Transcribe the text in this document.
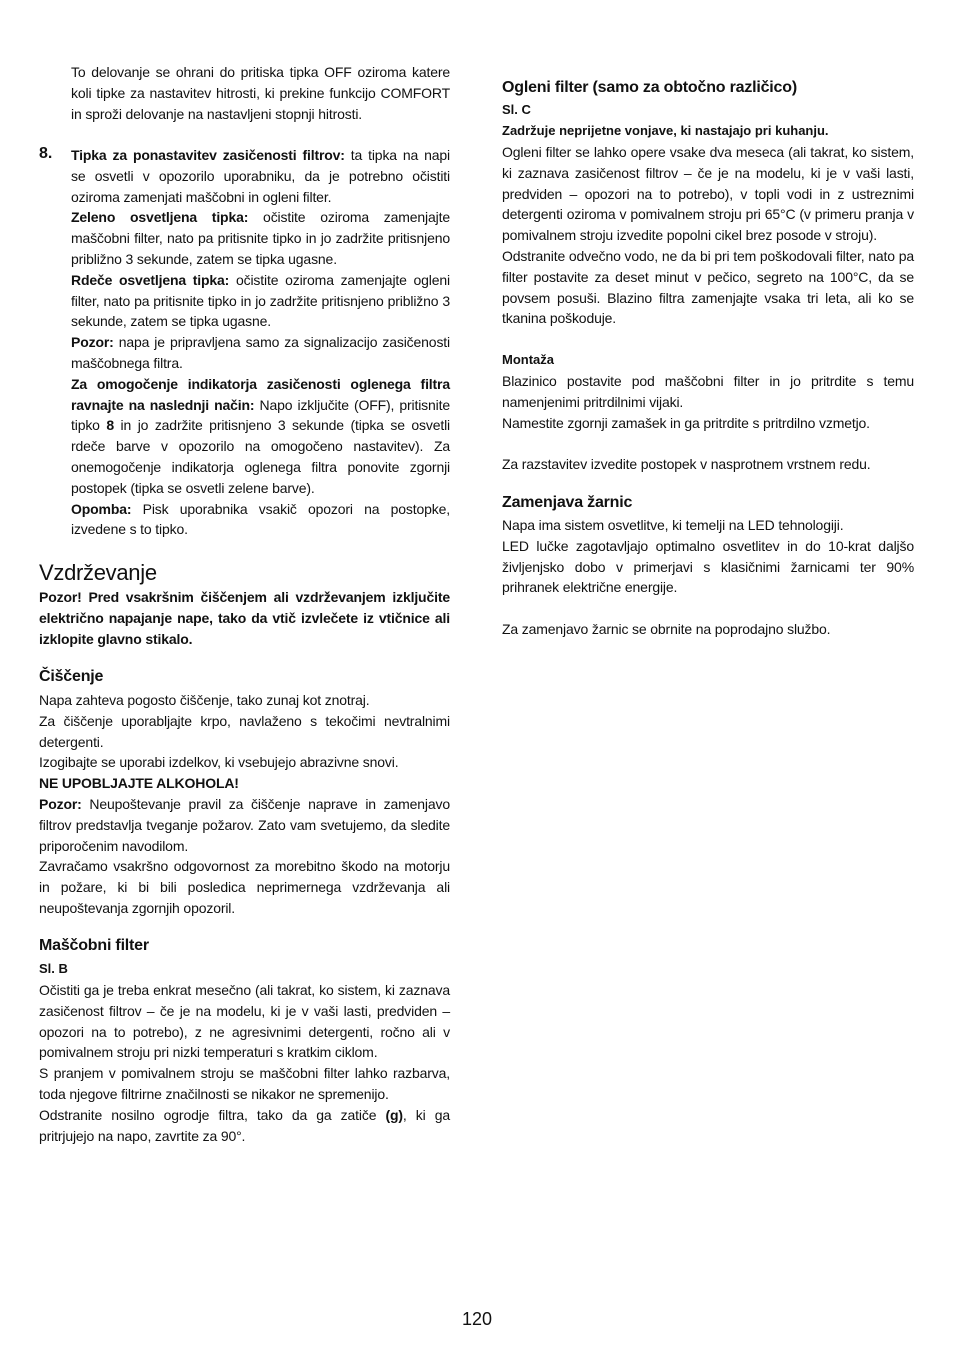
To delovanje se ohrani do pritiska tipka OFF oziroma katere koli tipke za nastavitev hitrosti, ki prekine funkcijo COMFORT in sproži delovanje na nastavljeni stopnji hitrosti.

8. Tipka za ponastavitev zasičenosti filtrov: ta tipka na napi se osvetli v opozorilo uporabniku, da je potrebno očistiti oziroma zamenjati maščobni in ogleni filter.

Zeleno osvetljena tipka: očistite oziroma zamenjajte maščobni filter, nato pa pritisnite tipko in jo zadržite pritisnjeno približno 3 sekunde, zatem se tipka ugasne.

Rdeče osvetljena tipka: očistite oziroma zamenjajte ogleni filter, nato pa pritisnite tipko in jo zadržite pritisnjeno približno 3 sekunde, zatem se tipka ugasne.

Pozor: napa je pripravljena samo za signalizacijo zasičenosti maščobnega filtra.

Za omogočenje indikatorja zasičenosti oglenega filtra ravnajte na naslednji način: Napo izključite (OFF), pritisnite tipko 8 in jo zadržite pritisnjeno 3 sekunde (tipka se osvetli rdeče barve v opozorilo na omogočeno nastavitev). Za onemogočenje indikatorja oglenega filtra ponovite zgornji postopek (tipka se osvetli zelene barve).

Opomba: Pisk uporabnika vsakič opozori na postopke, izvedene s to tipko.

Vzdrževanje

Pozor! Pred vsakršnim čiščenjem ali vzdrževanjem izključite električno napajanje nape, tako da vtič izvlečete iz vtičnice ali izklopite glavno stikalo.

Čiščenje

Napa zahteva pogosto čiščenje, tako zunaj kot znotraj.

Za čiščenje uporabljajte krpo, navlaženo s tekočimi nevtralnimi detergenti.

Izogibajte se uporabi izdelkov, ki vsebujejo abrazivne snovi.

NE UPOBLJAJTE ALKOHOLA!

Pozor: Neupoštevanje pravil za čiščenje naprave in zamenjavo filtrov predstavlja tveganje požarov. Zato vam svetujemo, da sledite priporočenim navodilom.

Zavračamo vsakršno odgovornost za morebitno škodo na motorju in požare, ki bi bili posledica neprimernega vzdrževanja ali neupoštevanja zgornjih opozoril.

Maščobni filter
Sl. B

Očistiti ga je treba enkrat mesečno (ali takrat, ko sistem, ki zaznava zasičenost filtrov – če je na modelu, ki je v vaši lasti, predviden – opozori na to potrebo), z ne agresivnimi detergenti, ročno ali v pomivalnem stroju pri nizki temperaturi s kratkim ciklom.

S pranjem v pomivalnem stroju se maščobni filter lahko razbarva, toda njegove filtrirne značilnosti se nikakor ne spremenijo.

Odstranite nosilno ogrodje filtra, tako da ga zatiče (g), ki ga pritrjujejo na napo, zavrtite za 90°.

Ogleni filter (samo za obtočno različico)
Sl. C
Zadržuje neprijetne vonjave, ki nastajajo pri kuhanju.

Ogleni filter se lahko opere vsake dva meseca (ali takrat, ko sistem, ki zaznava zasičenost filtrov – če je na modelu, ki je v vaši lasti, predviden – opozori na to potrebo), v topli vodi in z ustreznimi detergenti oziroma v pomivalnem stroju pri 65°C (v primeru pranja v pomivalnem stroju izvedite popolni cikel brez posode v stroju).

Odstranite odvečno vodo, ne da bi pri tem poškodovali filter, nato pa filter postavite za deset minut v pečico, segreto na 100°C, da se povsem posuši. Blazino filtra zamenjajte vsaka tri leta, ali ko se tkanina poškoduje.

Montaža

Blazinico postavite pod maščobni filter in jo pritrdite s temu namenjenimi pritrdilnimi vijaki.

Namestite zgornji zamašek in ga pritrdite s pritrdilno vzmetjo.

Za razstavitev izvedite postopek v nasprotnem vrstnem redu.

Zamenjava žarnic

Napa ima sistem osvetlitve, ki temelji na LED tehnologiji.

LED lučke zagotavljajo optimalno osvetlitev in do 10-krat daljšo življenjsko dobo v primerjavi s klasičnimi žarnicami ter 90% prihranek električne energije.

Za zamenjavo žarnic se obrnite na poprodajno službo.

120
